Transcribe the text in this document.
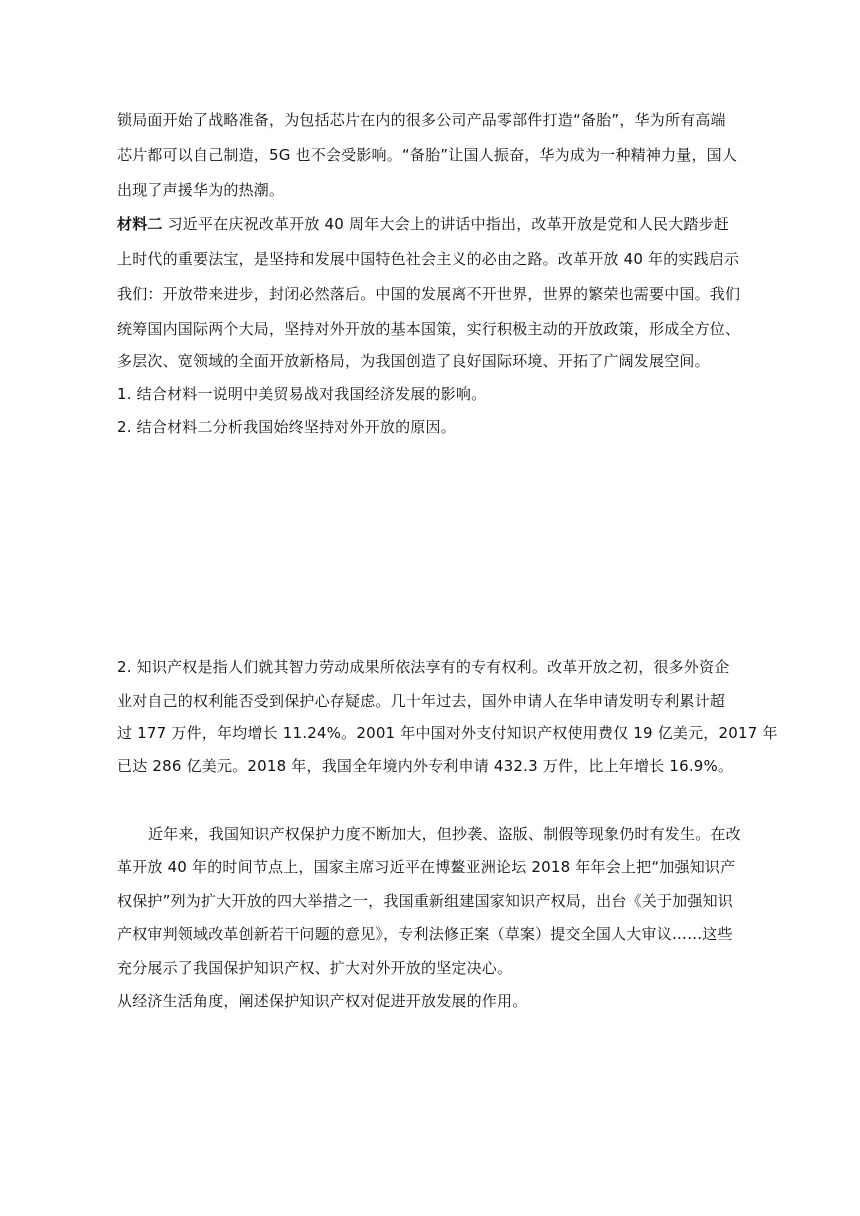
锁局面开始了战略准备，为包括芯片在内的很多公司产品零部件打造“备胎”，华为所有高端
芯片都可以自己制造，5G 也不会受影响。“备胎”让国人振奋，华为成为一种精神力量，国人
出现了声援华为的热潮。
材料二 习近平在庆祝改革开放 40 周年大会上的讲话中指出，改革开放是党和人民大踏步赶
上时代的重要法宝，是坚持和发展中国特色社会主义的必由之路。改革开放 40 年的实践启示
我们：开放带来进步，封闭必然落后。中国的发展离不开世界，世界的繁荣也需要中国。我们
统筹国内国际两个大局，坚持对外开放的基本国策，实行积极主动的开放政策，形成全方位、
多层次、宽领域的全面开放新格局，为我国创造了良好国际环境、开拓了广阔发展空间。
1. 结合材料一说明中美贸易战对我国经济发展的影响。
2. 结合材料二分析我国始终坚持对外开放的原因。
2. 知识产权是指人们就其智力劳动成果所依法享有的专有权利。改革开放之初，很多外资企
业对自己的权利能否受到保护心存疑虑。几十年过去，国外申请人在华申请发明专利累计超
过 177 万件，年均增长 11.24%。2001 年中国对外支付知识产权使用费仅 19 亿美元，2017 年
已达 286 亿美元。2018 年，我国全年境内外专利申请 432.3 万件，比上年增长 16.9%。
近年来，我国知识产权保护力度不断加大，但抄袭、盗版、制假等现象仍时有发生。在改
革开放 40 年的时间节点上，国家主席习近平在博鳌亚洲论坛 2018 年年会上把“加强知识产
权保护”列为扩大开放的四大举措之一，我国重新组建国家知识产权局，出台《关于加强知识
产权审判领域改革创新若干问题的意见》，专利法修正案（草案）提交全国人大审议……这些
充分展示了我国保护知识产权、扩大对外开放的坚定决心。
从经济生活角度，阐述保护知识产权对促进开放发展的作用。
